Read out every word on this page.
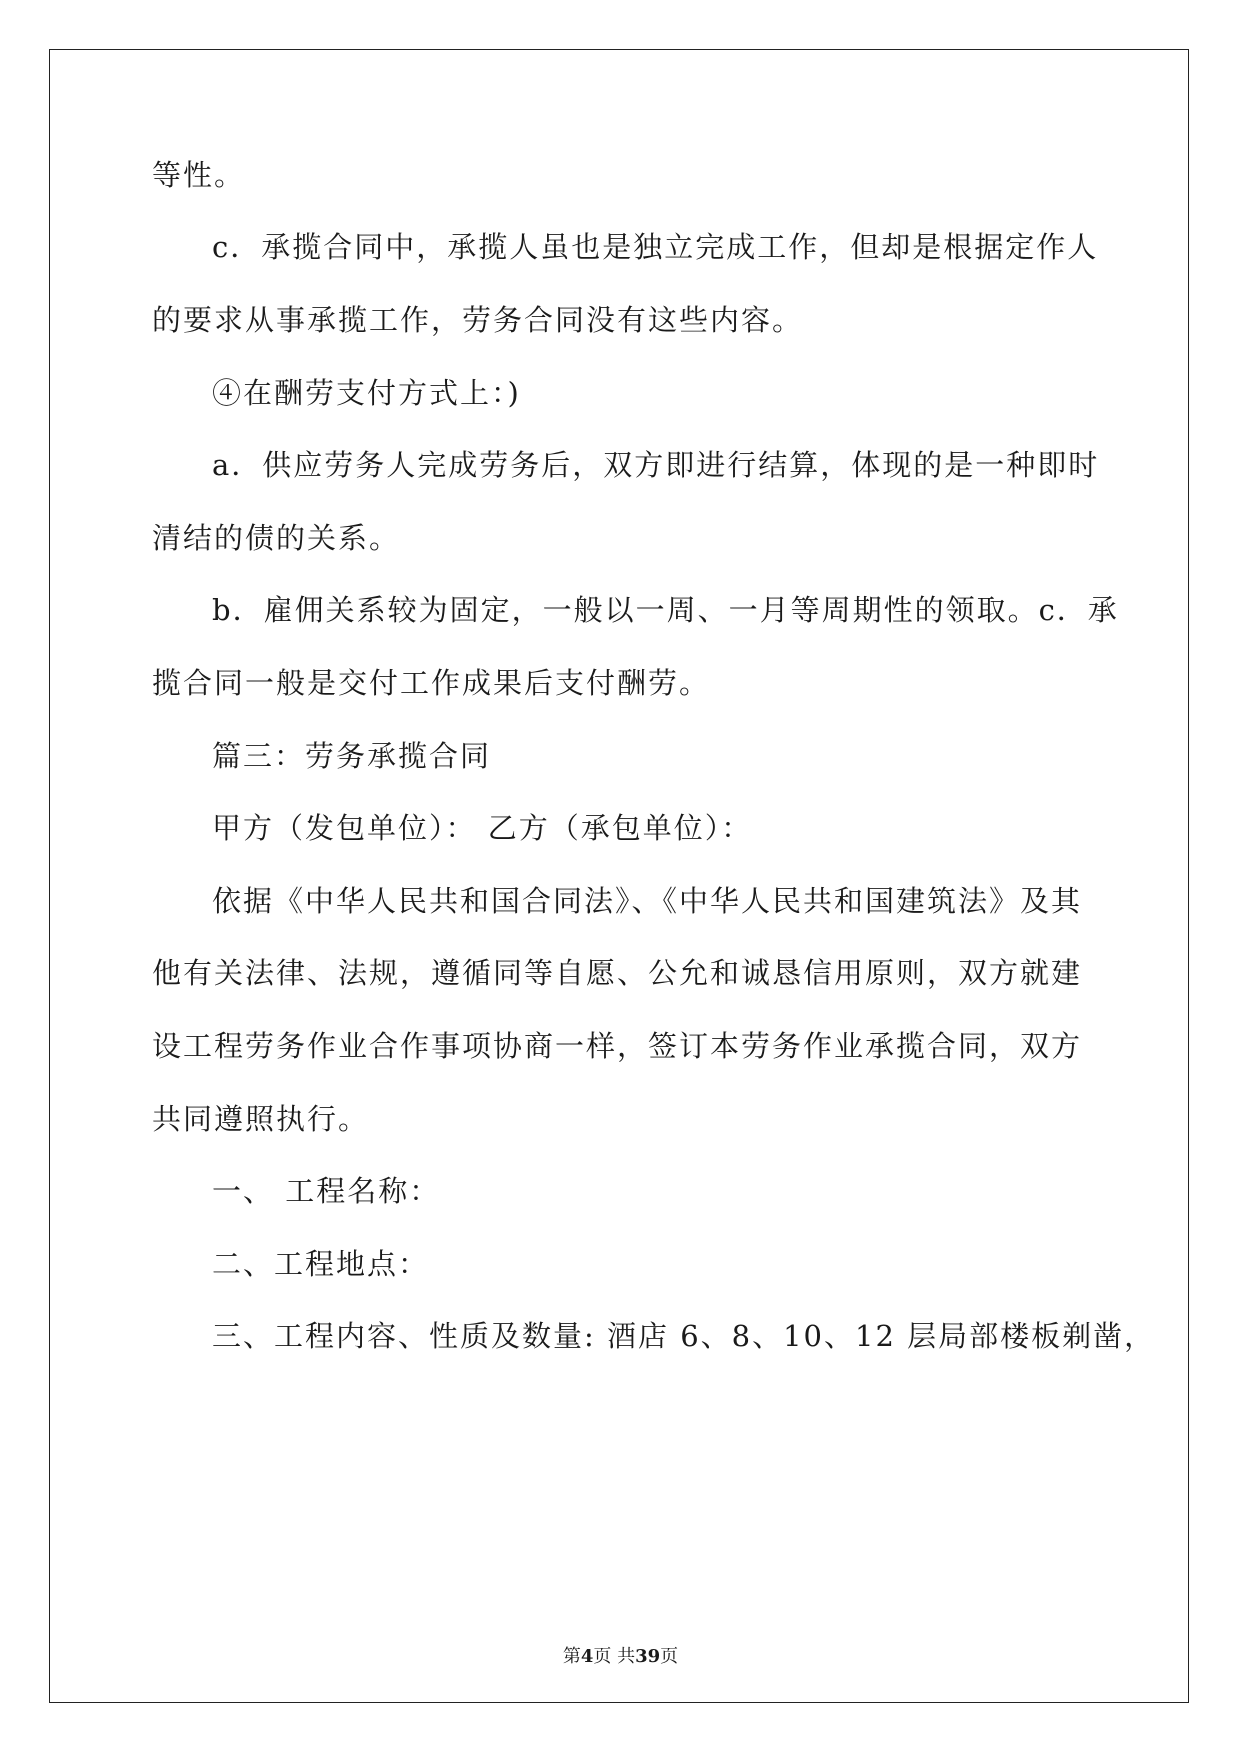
等性。
c．承揽合同中，承揽人虽也是独立完成工作，但却是根据定作人
的要求从事承揽工作，劳务合同没有这些内容。
④在酬劳支付方式上：)
a．供应劳务人完成劳务后，双方即进行结算，体现的是一种即时
清结的债的关系。
b．雇佣关系较为固定，一般以一周、一月等周期性的领取。c．承
揽合同一般是交付工作成果后支付酬劳。
篇三：劳务承揽合同
甲方（发包单位）： 乙方（承包单位）：
依据《中华人民共和国合同法》、《中华人民共和国建筑法》及其
他有关法律、法规，遵循同等自愿、公允和诚恳信用原则，双方就建
设工程劳务作业合作事项协商一样，签订本劳务作业承揽合同，双方
共同遵照执行。
一、 工程名称：
二、工程地点：
三、工程内容、性质及数量: 酒店 6、8、10、12 层局部楼板剃凿，
第4页 共39页
